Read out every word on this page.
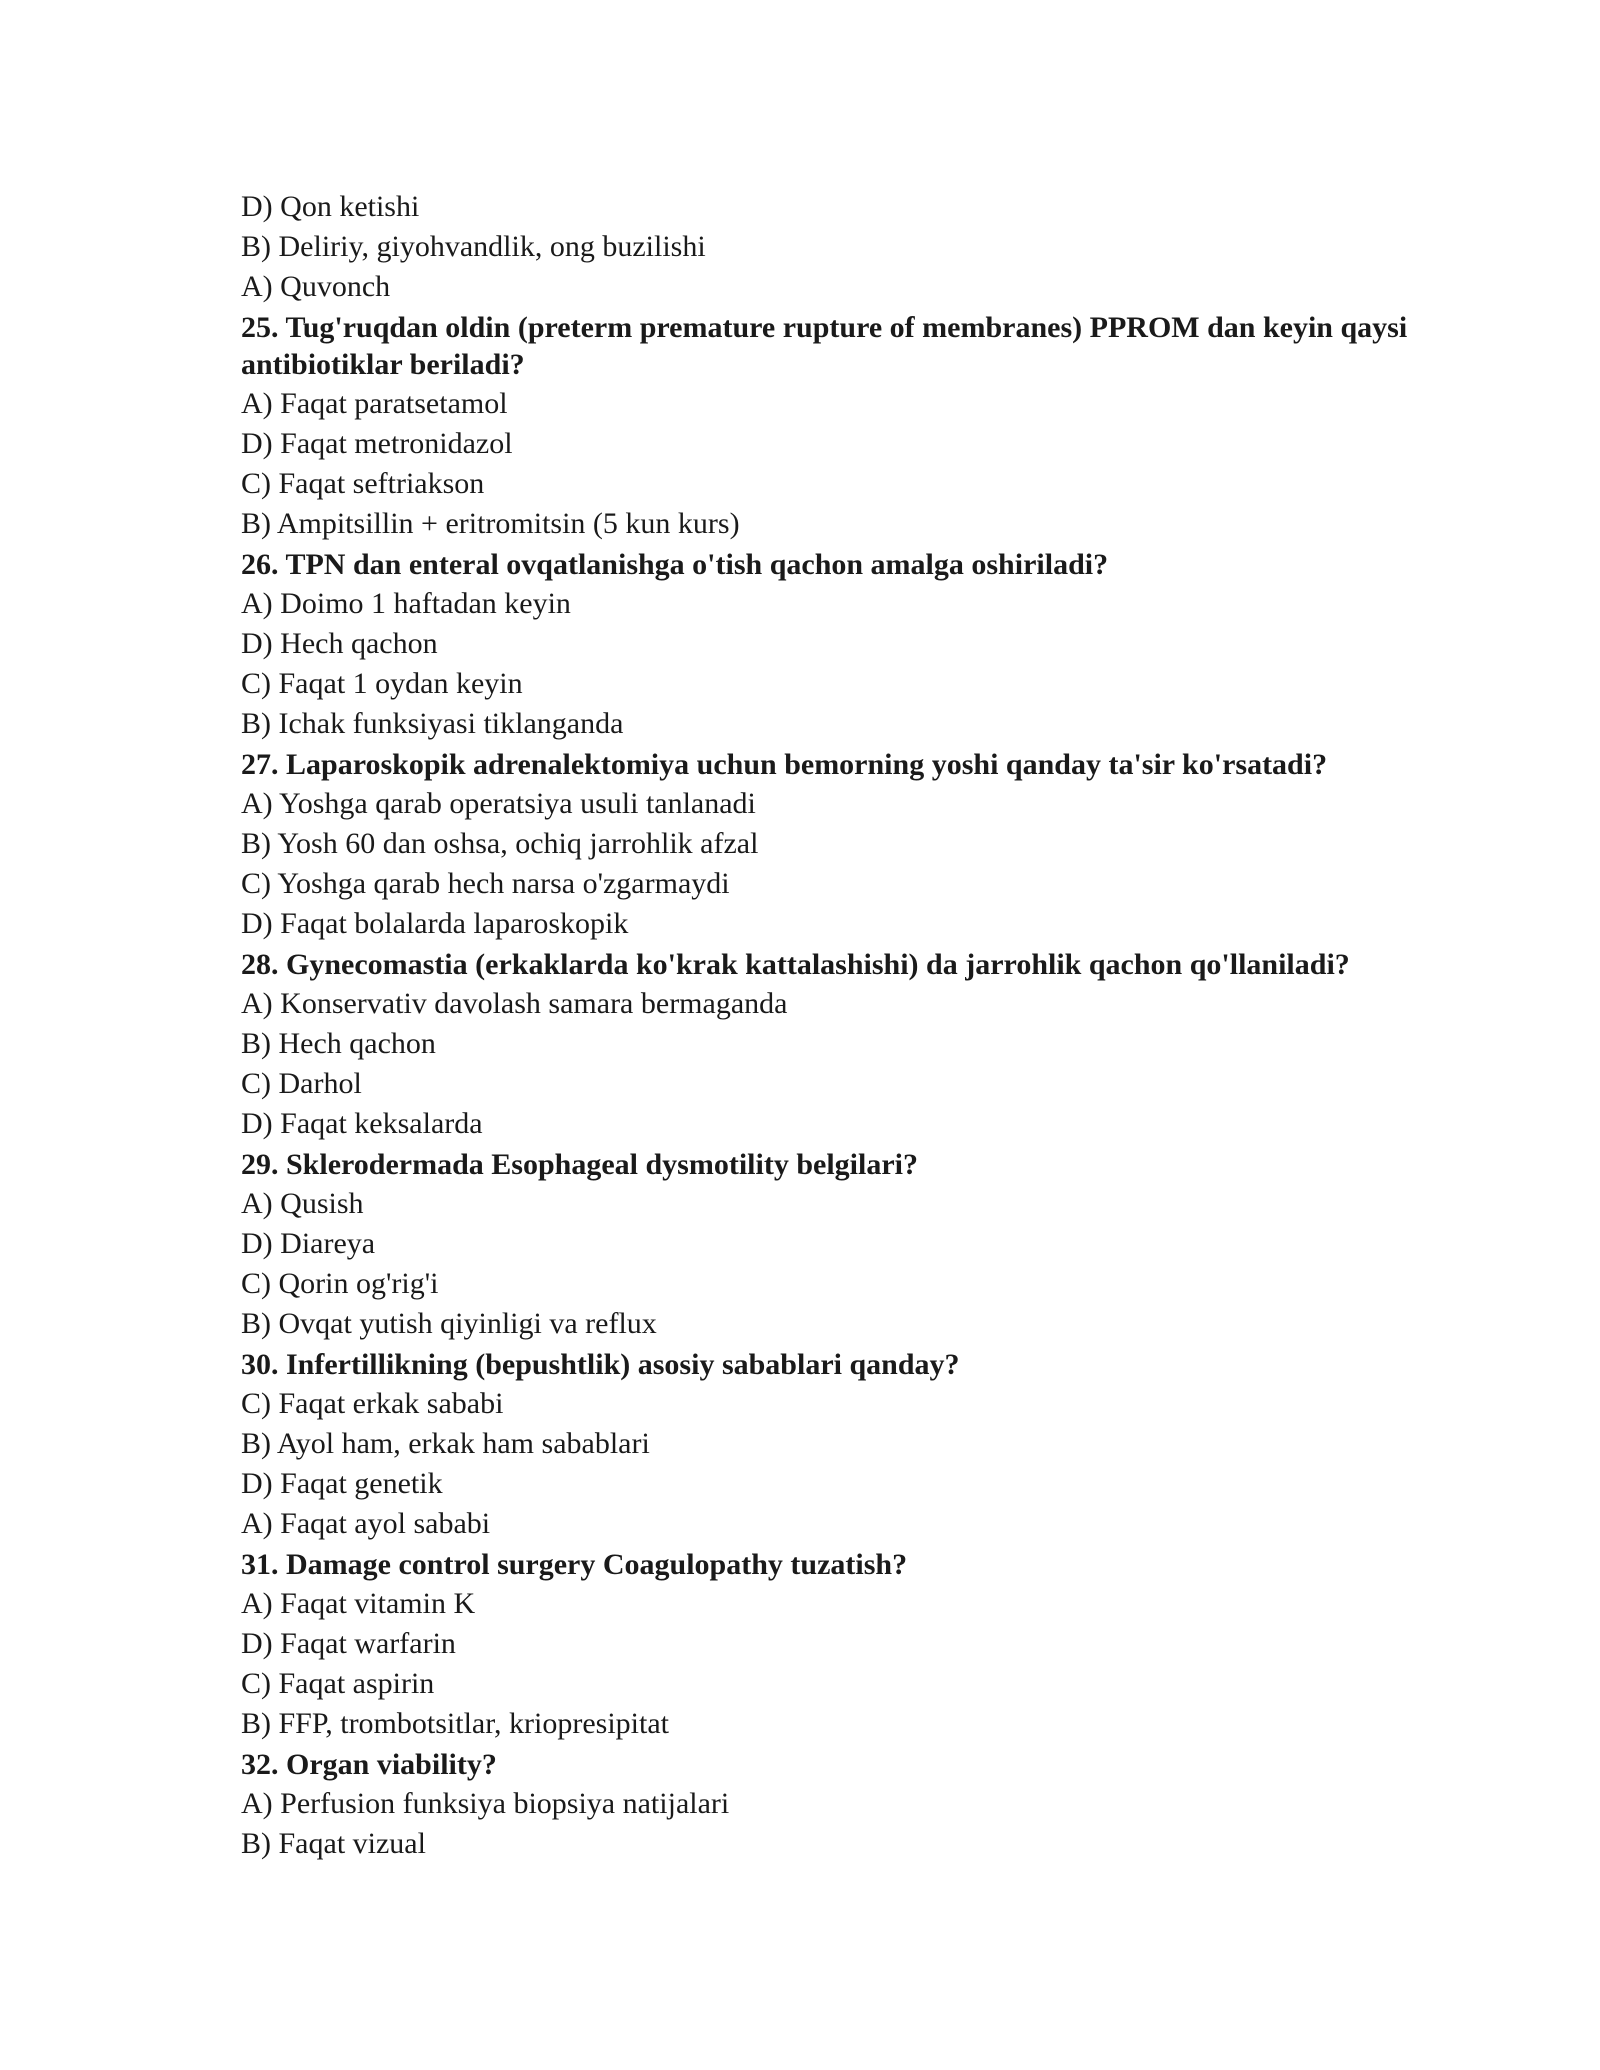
D) Qon ketishi

B) Deliriy, giyohvandlik, ong buzilishi

A) Quvonch

25. Tug'ruqdan oldin (preterm premature rupture of membranes) PPROM dan keyin qaysi antibiotiklar beriladi?

A) Faqat paratsetamol

D) Faqat metronidazol

C) Faqat seftriakson

B) Ampitsillin + eritromitsin (5 kun kurs)

26. TPN dan enteral ovqatlanishga o'tish qachon amalga oshiriladi?

A) Doimo 1 haftadan keyin

D) Hech qachon

C) Faqat 1 oydan keyin

B) Ichak funksiyasi tiklanganda

27. Laparoskopik adrenalektomiya uchun bemorning yoshi qanday ta'sir ko'rsatadi?

A) Yoshga qarab operatsiya usuli tanlanadi

B) Yosh 60 dan oshsa, ochiq jarrohlik afzal

C) Yoshga qarab hech narsa o'zgarmaydi

D) Faqat bolalarda laparoskopik

28. Gynecomastia (erkaklarda ko'krak kattalashishi) da jarrohlik qachon qo'llaniladi?

A) Konservativ davolash samara bermaganda

B) Hech qachon

C) Darhol

D) Faqat keksalarda

29. Sklerodermada Esophageal dysmotility belgilari?

A) Qusish

D) Diareya

C) Qorin og'rig'i

B) Ovqat yutish qiyinligi va reflux

30. Infertillikning (bepushtlik) asosiy sabablari qanday?

C) Faqat erkak sababi

B) Ayol ham, erkak ham sabablari

D) Faqat genetik

A) Faqat ayol sababi

31. Damage control surgery Coagulopathy tuzatish?

A) Faqat vitamin K

D) Faqat warfarin

C) Faqat aspirin

B) FFP, trombotsitlar, kriopresipitat

32. Organ viability?

A) Perfusion funksiya biopsiya natijalari

B) Faqat vizual
